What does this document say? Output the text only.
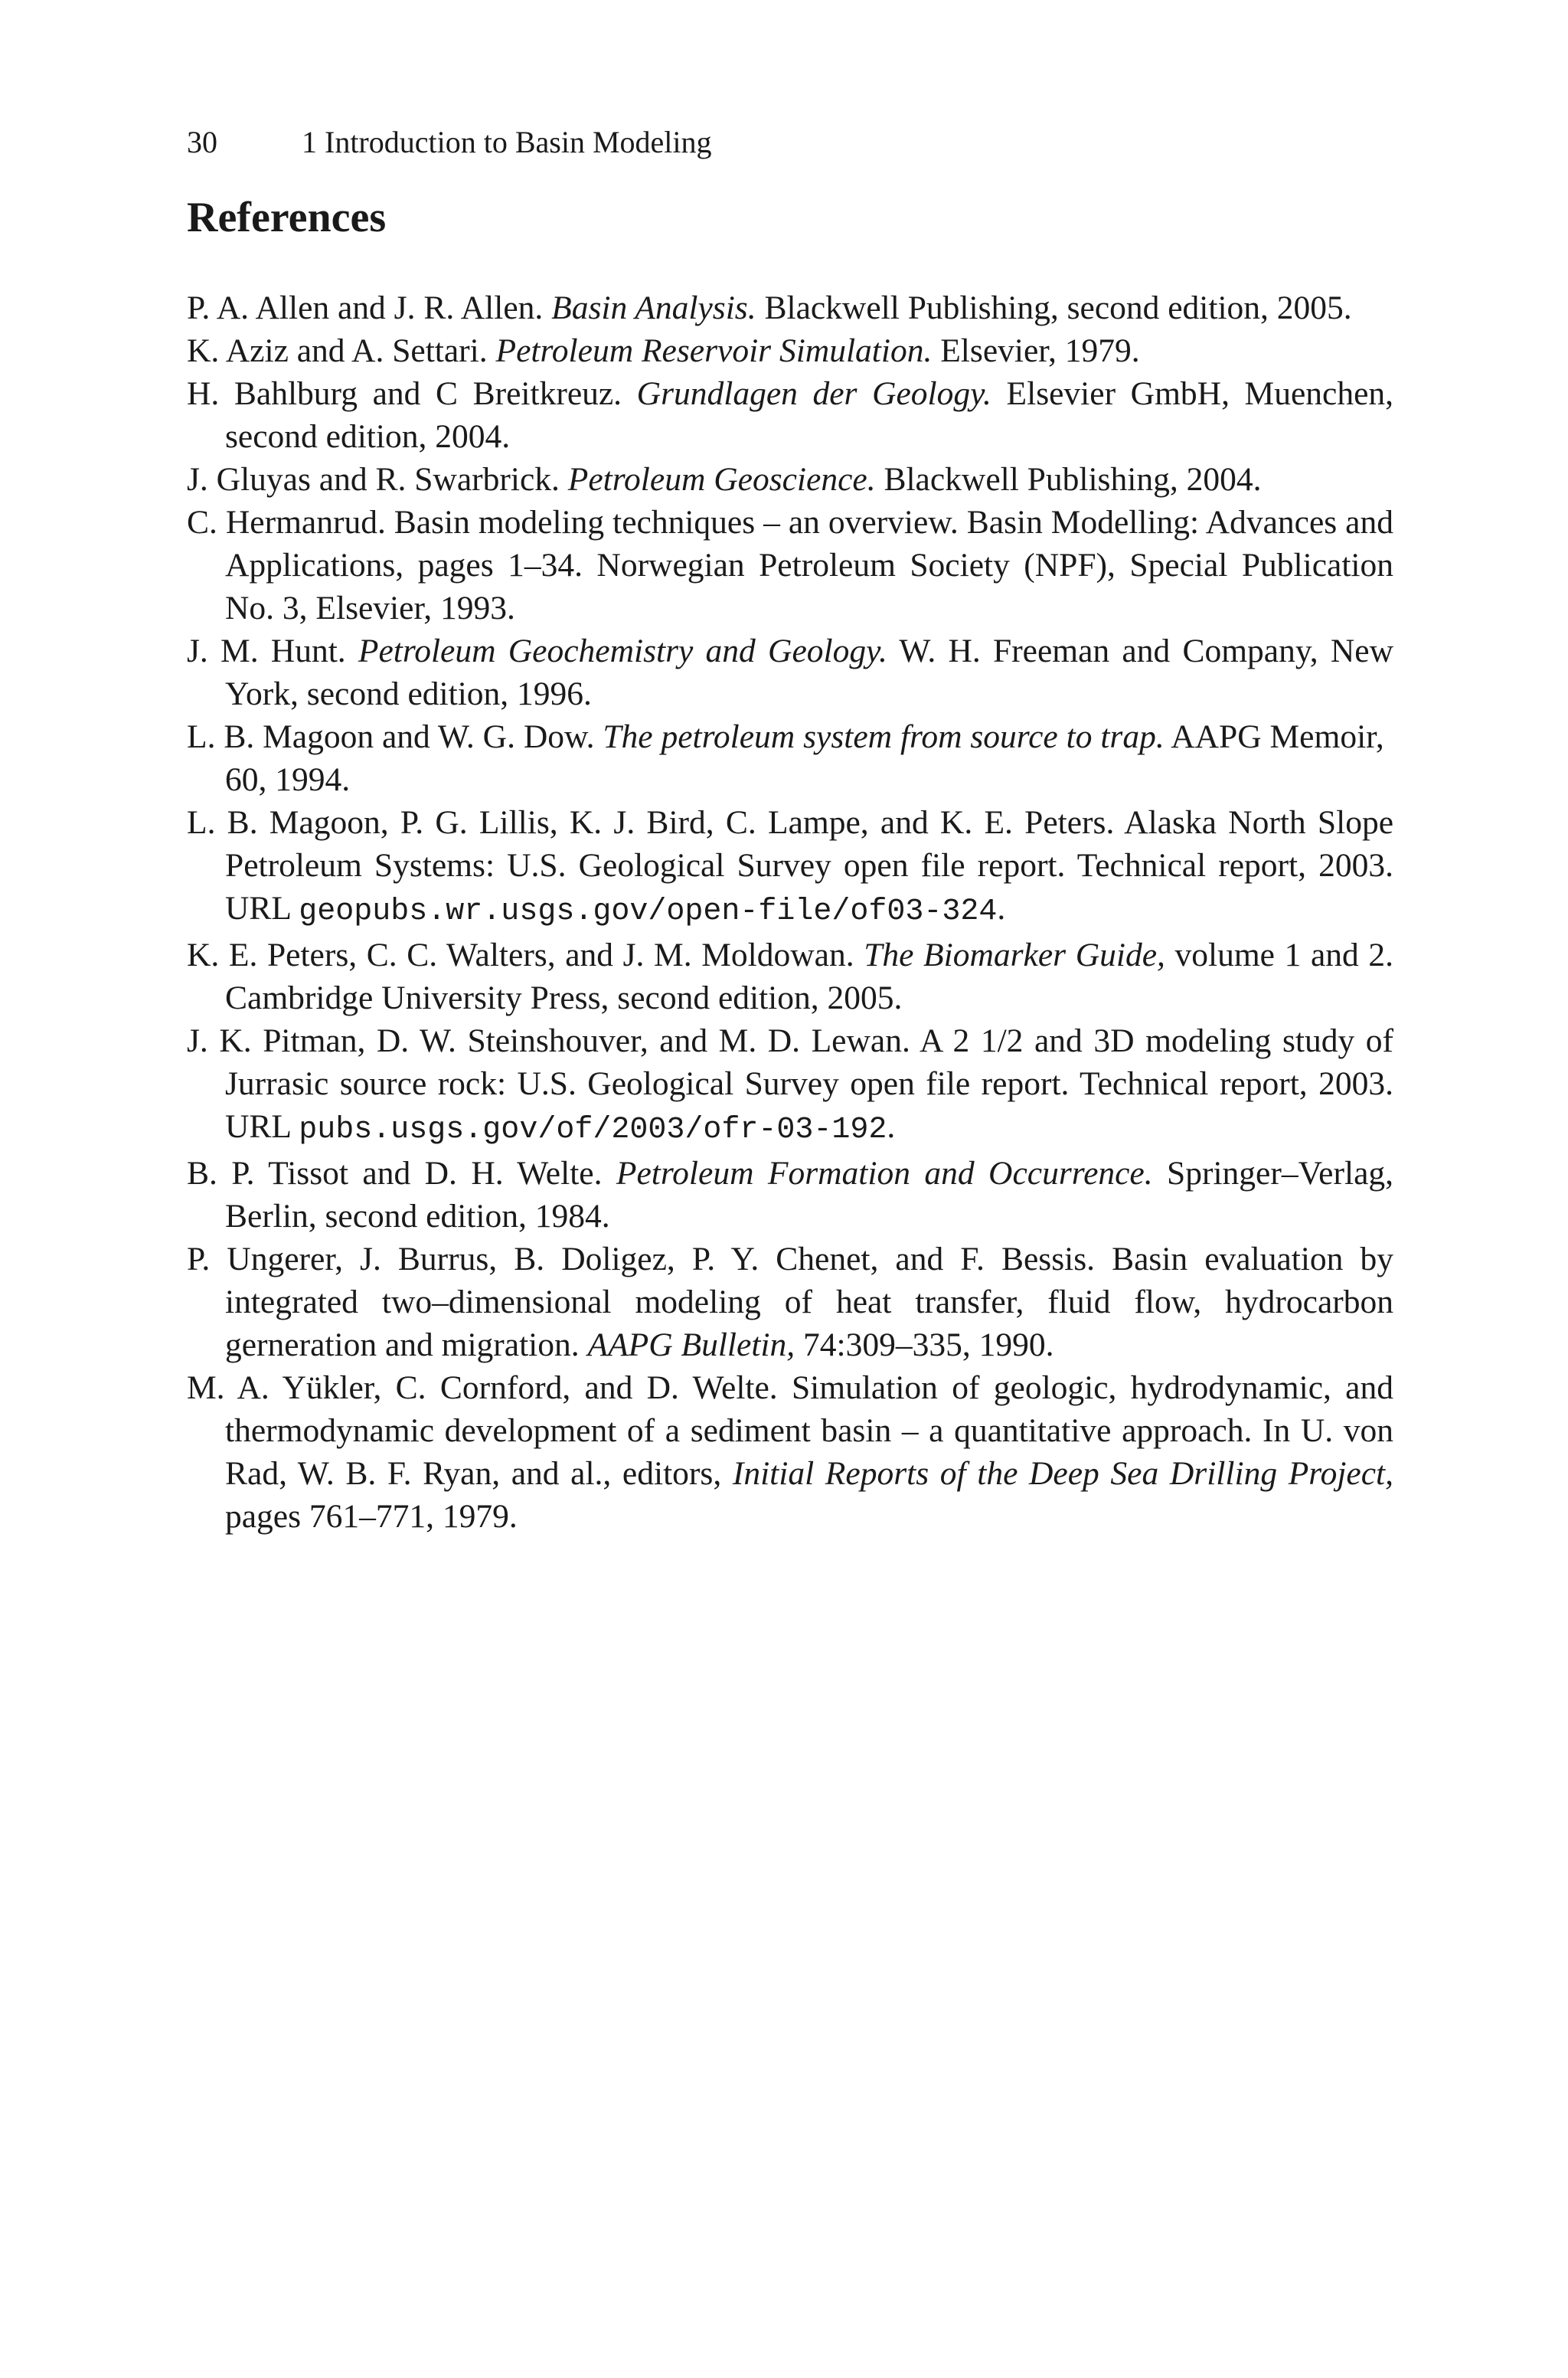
30	1 Introduction to Basin Modeling
References
P. A. Allen and J. R. Allen. Basin Analysis. Blackwell Publishing, second edition, 2005.
K. Aziz and A. Settari. Petroleum Reservoir Simulation. Elsevier, 1979.
H. Bahlburg and C Breitkreuz. Grundlagen der Geology. Elsevier GmbH, Muenchen, second edition, 2004.
J. Gluyas and R. Swarbrick. Petroleum Geoscience. Blackwell Publishing, 2004.
C. Hermanrud. Basin modeling techniques – an overview. Basin Modelling: Advances and Applications, pages 1–34. Norwegian Petroleum Society (NPF), Special Publication No. 3, Elsevier, 1993.
J. M. Hunt. Petroleum Geochemistry and Geology. W. H. Freeman and Company, New York, second edition, 1996.
L. B. Magoon and W. G. Dow. The petroleum system from source to trap. AAPG Memoir, 60, 1994.
L. B. Magoon, P. G. Lillis, K. J. Bird, C. Lampe, and K. E. Peters. Alaska North Slope Petroleum Systems: U.S. Geological Survey open file report. Technical report, 2003. URL geopubs.wr.usgs.gov/open-file/of03-324.
K. E. Peters, C. C. Walters, and J. M. Moldowan. The Biomarker Guide, volume 1 and 2. Cambridge University Press, second edition, 2005.
J. K. Pitman, D. W. Steinshouver, and M. D. Lewan. A 2 1/2 and 3D modeling study of Jurrasic source rock: U.S. Geological Survey open file report. Technical report, 2003. URL pubs.usgs.gov/of/2003/ofr-03-192.
B. P. Tissot and D. H. Welte. Petroleum Formation and Occurrence. Springer–Verlag, Berlin, second edition, 1984.
P. Ungerer, J. Burrus, B. Doligez, P. Y. Chenet, and F. Bessis. Basin evaluation by integrated two–dimensional modeling of heat transfer, fluid flow, hydrocarbon gerneration and migration. AAPG Bulletin, 74:309–335, 1990.
M. A. Yükler, C. Cornford, and D. Welte. Simulation of geologic, hydrodynamic, and thermodynamic development of a sediment basin – a quantitative approach. In U. von Rad, W. B. F. Ryan, and al., editors, Initial Reports of the Deep Sea Drilling Project, pages 761–771, 1979.
